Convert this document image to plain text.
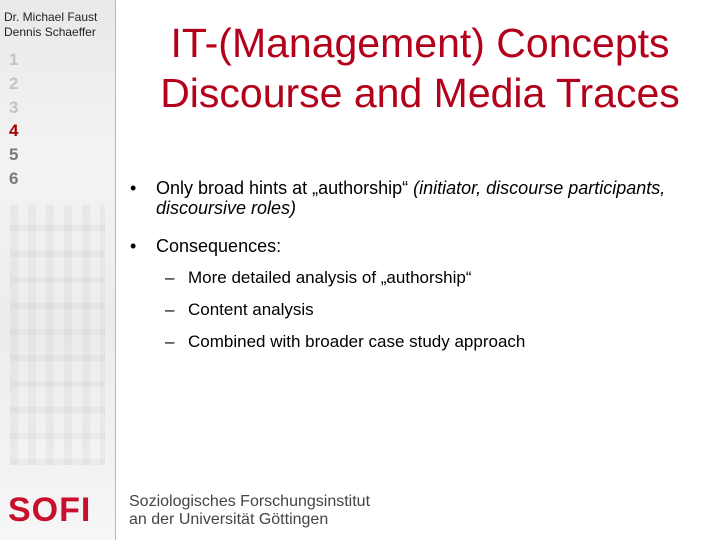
Dr. Michael Faust
Dennis Schaeffer
1
2
3
4
5
6
SOFI Soziologisches Forschungsinstitut
an der Universität Göttingen
IT-(Management) Concepts
Discourse and Media Traces
• Only broad hints at „authorship“ (initiator, discourse participants, discoursive roles)
• Consequences:
– More detailed analysis of „authorship“
– Content analysis
– Combined with broader case study approach
